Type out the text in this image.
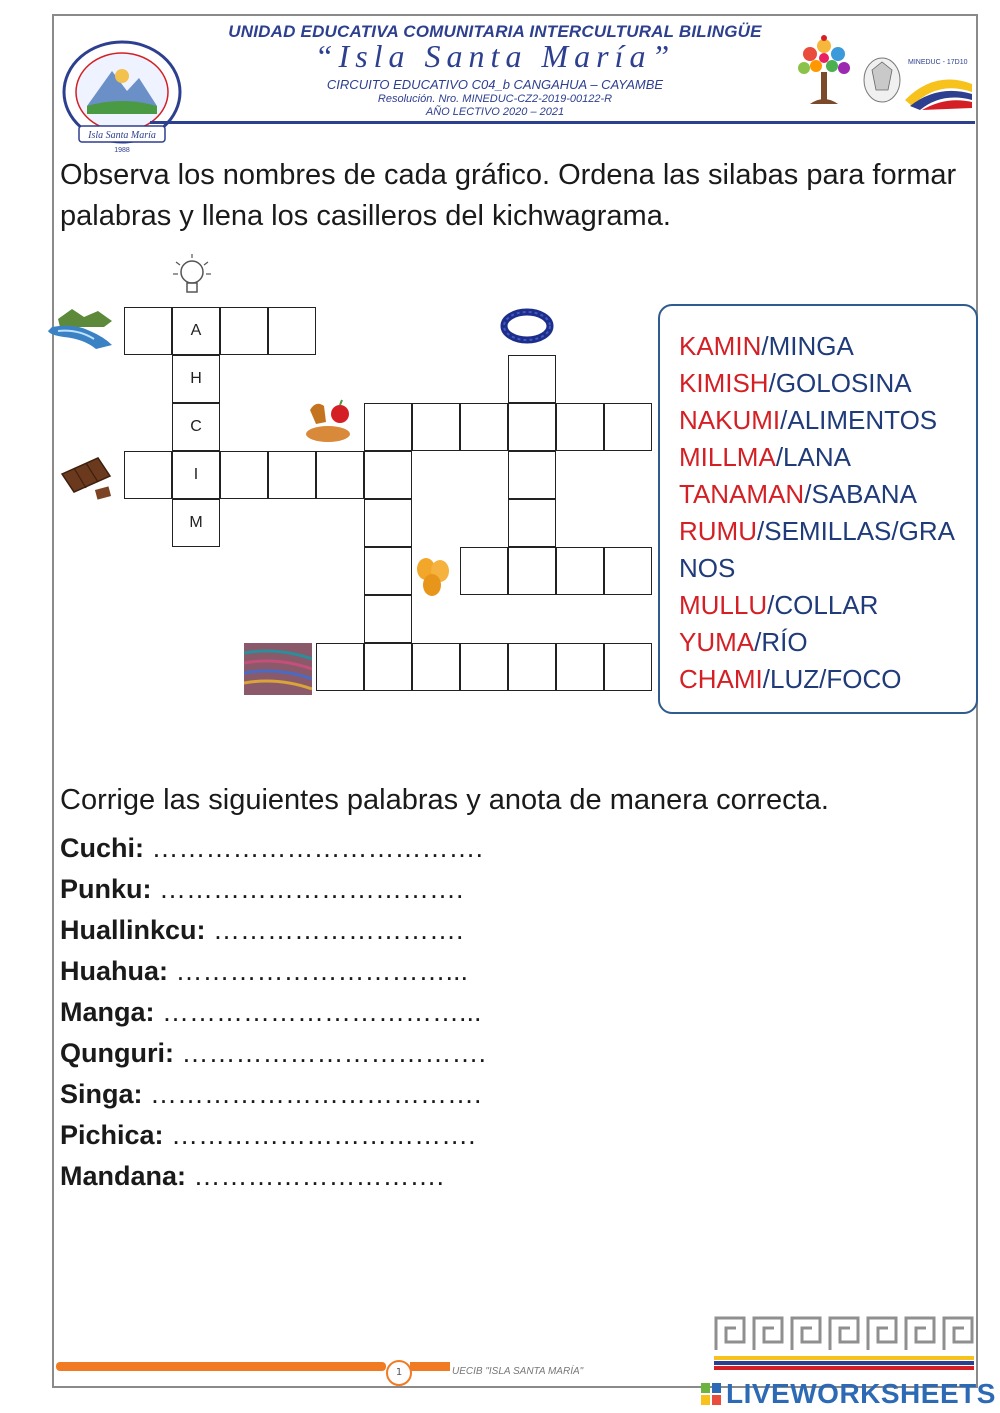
Isla Santa María
1988
UNIDAD EDUCATIVA COMUNITARIA INTERCULTURAL BILINGÜE
“Isla Santa María”
CIRCUITO EDUCATIVO C04_b CANGAHUA – CAYAMBE
Resolución. Nro. MINEDUC-CZ2-2019-00122-R
AÑO LECTIVO 2020 – 2021
MINEDUC - 17D10
Observa los nombres de cada gráfico. Ordena las silabas para formar palabras y llena los casilleros del kichwagrama.
A
H
C
I
M
KAMIN/MINGA
KIMISH/GOLOSINA
NAKUMI/ALIMENTOS
MILLMA/LANA
TANAMAN/SABANA
RUMU/SEMILLAS/GRA
NOS
MULLU/COLLAR
YUMA/RÍO
CHAMI/LUZ/FOCO
Corrige las siguientes palabras y anota de manera correcta.
Cuchi: ……………………………….
Punku: …………………………….
Huallinkcu: ……………………….
Huahua: …………………………...
Manga: ……………………………...
Qunguri: …………………………….
Singa: ……………………………….
Pichica: …………………………….
Mandana: ……………………….
1	UECIB "ISLA SANTA MARÍA"
LIVEWORKSHEETS
